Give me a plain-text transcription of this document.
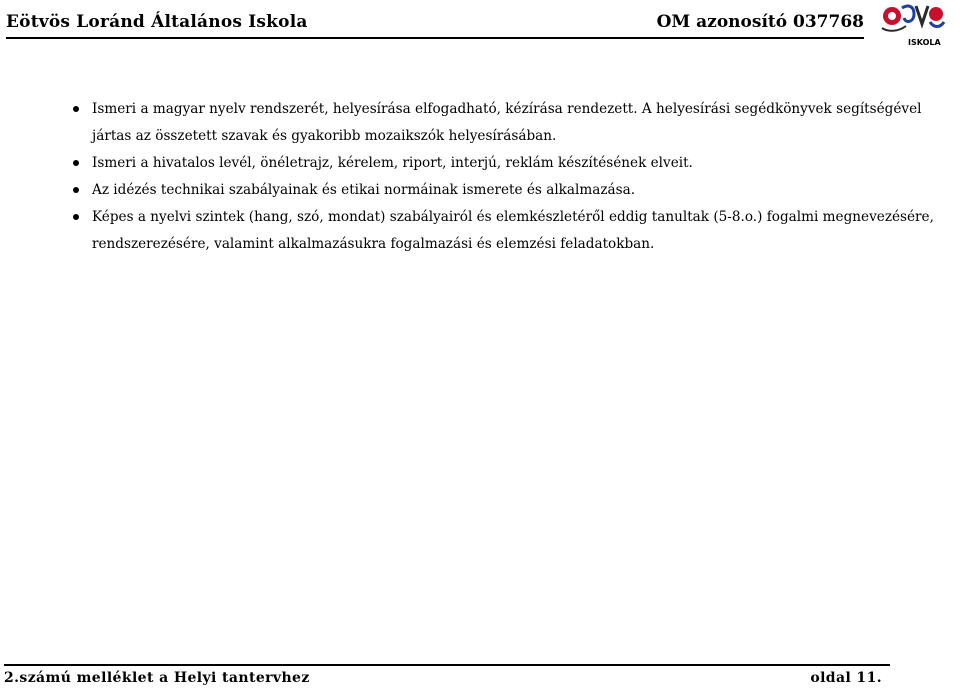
Eötvös Loránd Általános Iskola	OM azonosító 037768
ISKOLA
Ismeri a magyar nyelv rendszerét, helyesírása elfogadható, kézírása rendezett. A helyesírási segédkönyvek segítségével jártas az összetett szavak és gyakoribb mozaikszók helyesírásában.
Ismeri a hivatalos levél, önéletrajz, kérelem, riport, interjú, reklám készítésének elveit.
Az idézés technikai szabályainak és etikai normáinak ismerete és alkalmazása.
Képes a nyelvi szintek (hang, szó, mondat) szabályairól és elemkészletéről eddig tanultak (5-8.o.) fogalmi megnevezésére, rendszerezésére, valamint alkalmazásukra fogalmazási és elemzési feladatokban.
2.számú melléklet a Helyi tantervhez	oldal 11.
